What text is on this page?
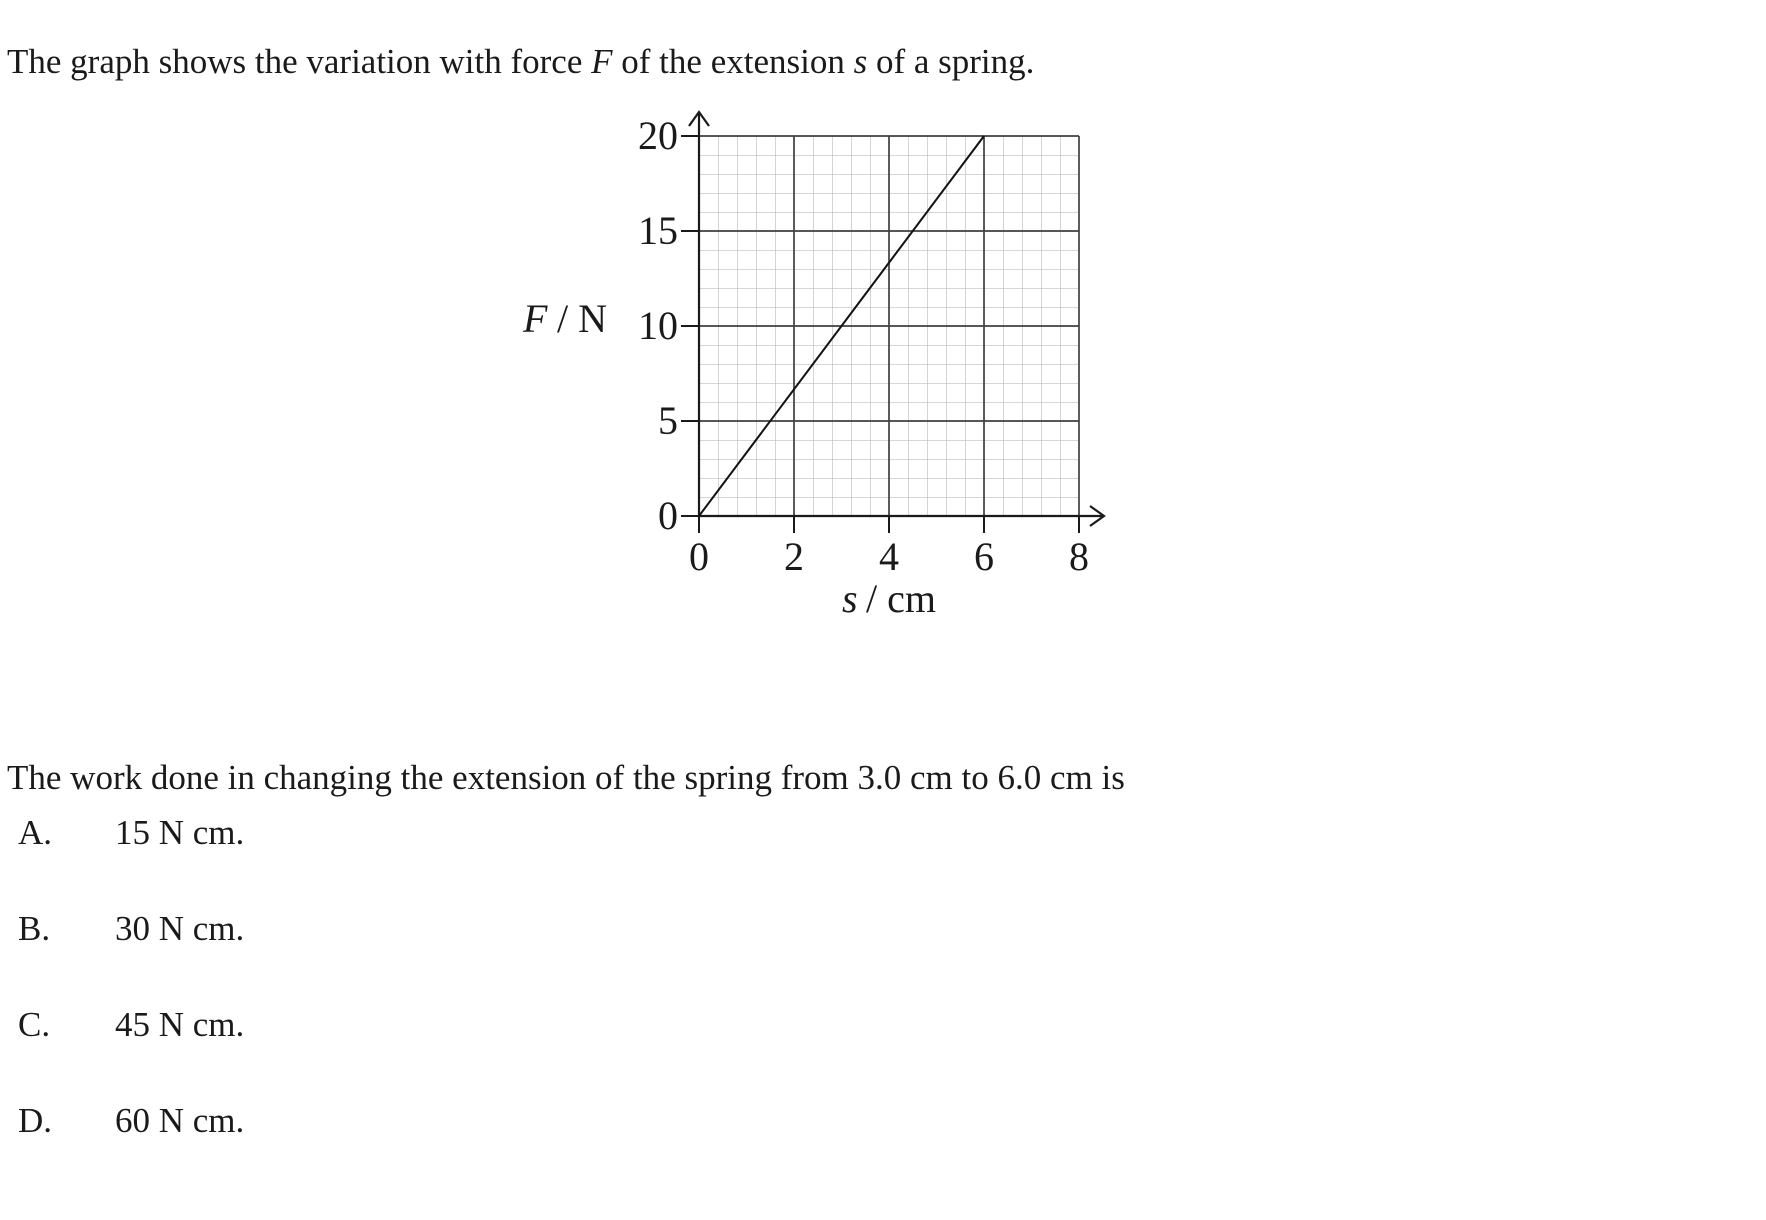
The graph shows the variation with force F of the extension s of a spring.

20
15
10
5
0
0 2 4 6 8
F / N
s / cm

The work done in changing the extension of the spring from 3.0 cm to 6.0 cm is

A. 15 N cm.
B. 30 N cm.
C. 45 N cm.
D. 60 N cm.
